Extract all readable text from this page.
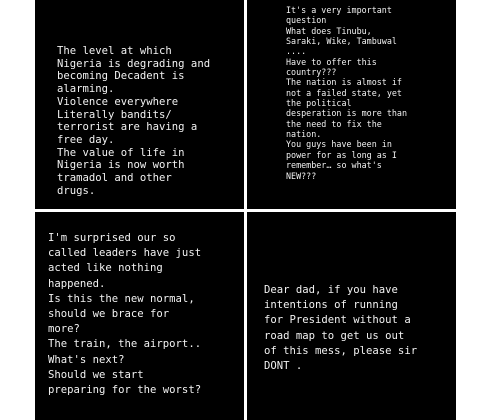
The level at which
Nigeria is degrading and
becoming Decadent is
alarming.
Violence everywhere
Literally bandits/
terrorist are having a
free day.
The value of life in
Nigeria is now worth
tramadol and other
drugs.

It's a very important
question
What does Tinubu,
Saraki, Wike, Tambuwal
....
Have to offer this
country???
The nation is almost if
not a failed state, yet
the political
desperation is more than
the need to fix the
nation.
You guys have been in
power for as long as I
remember… so what's
NEW???

I'm surprised our so
called leaders have just
acted like nothing
happened.
Is this the new normal,
should we brace for
more?
The train, the airport..
What's next?
Should we start
preparing for the worst?

Dear dad, if you have
intentions of running
for President without a
road map to get us out
of this mess, please sir
DONT .
